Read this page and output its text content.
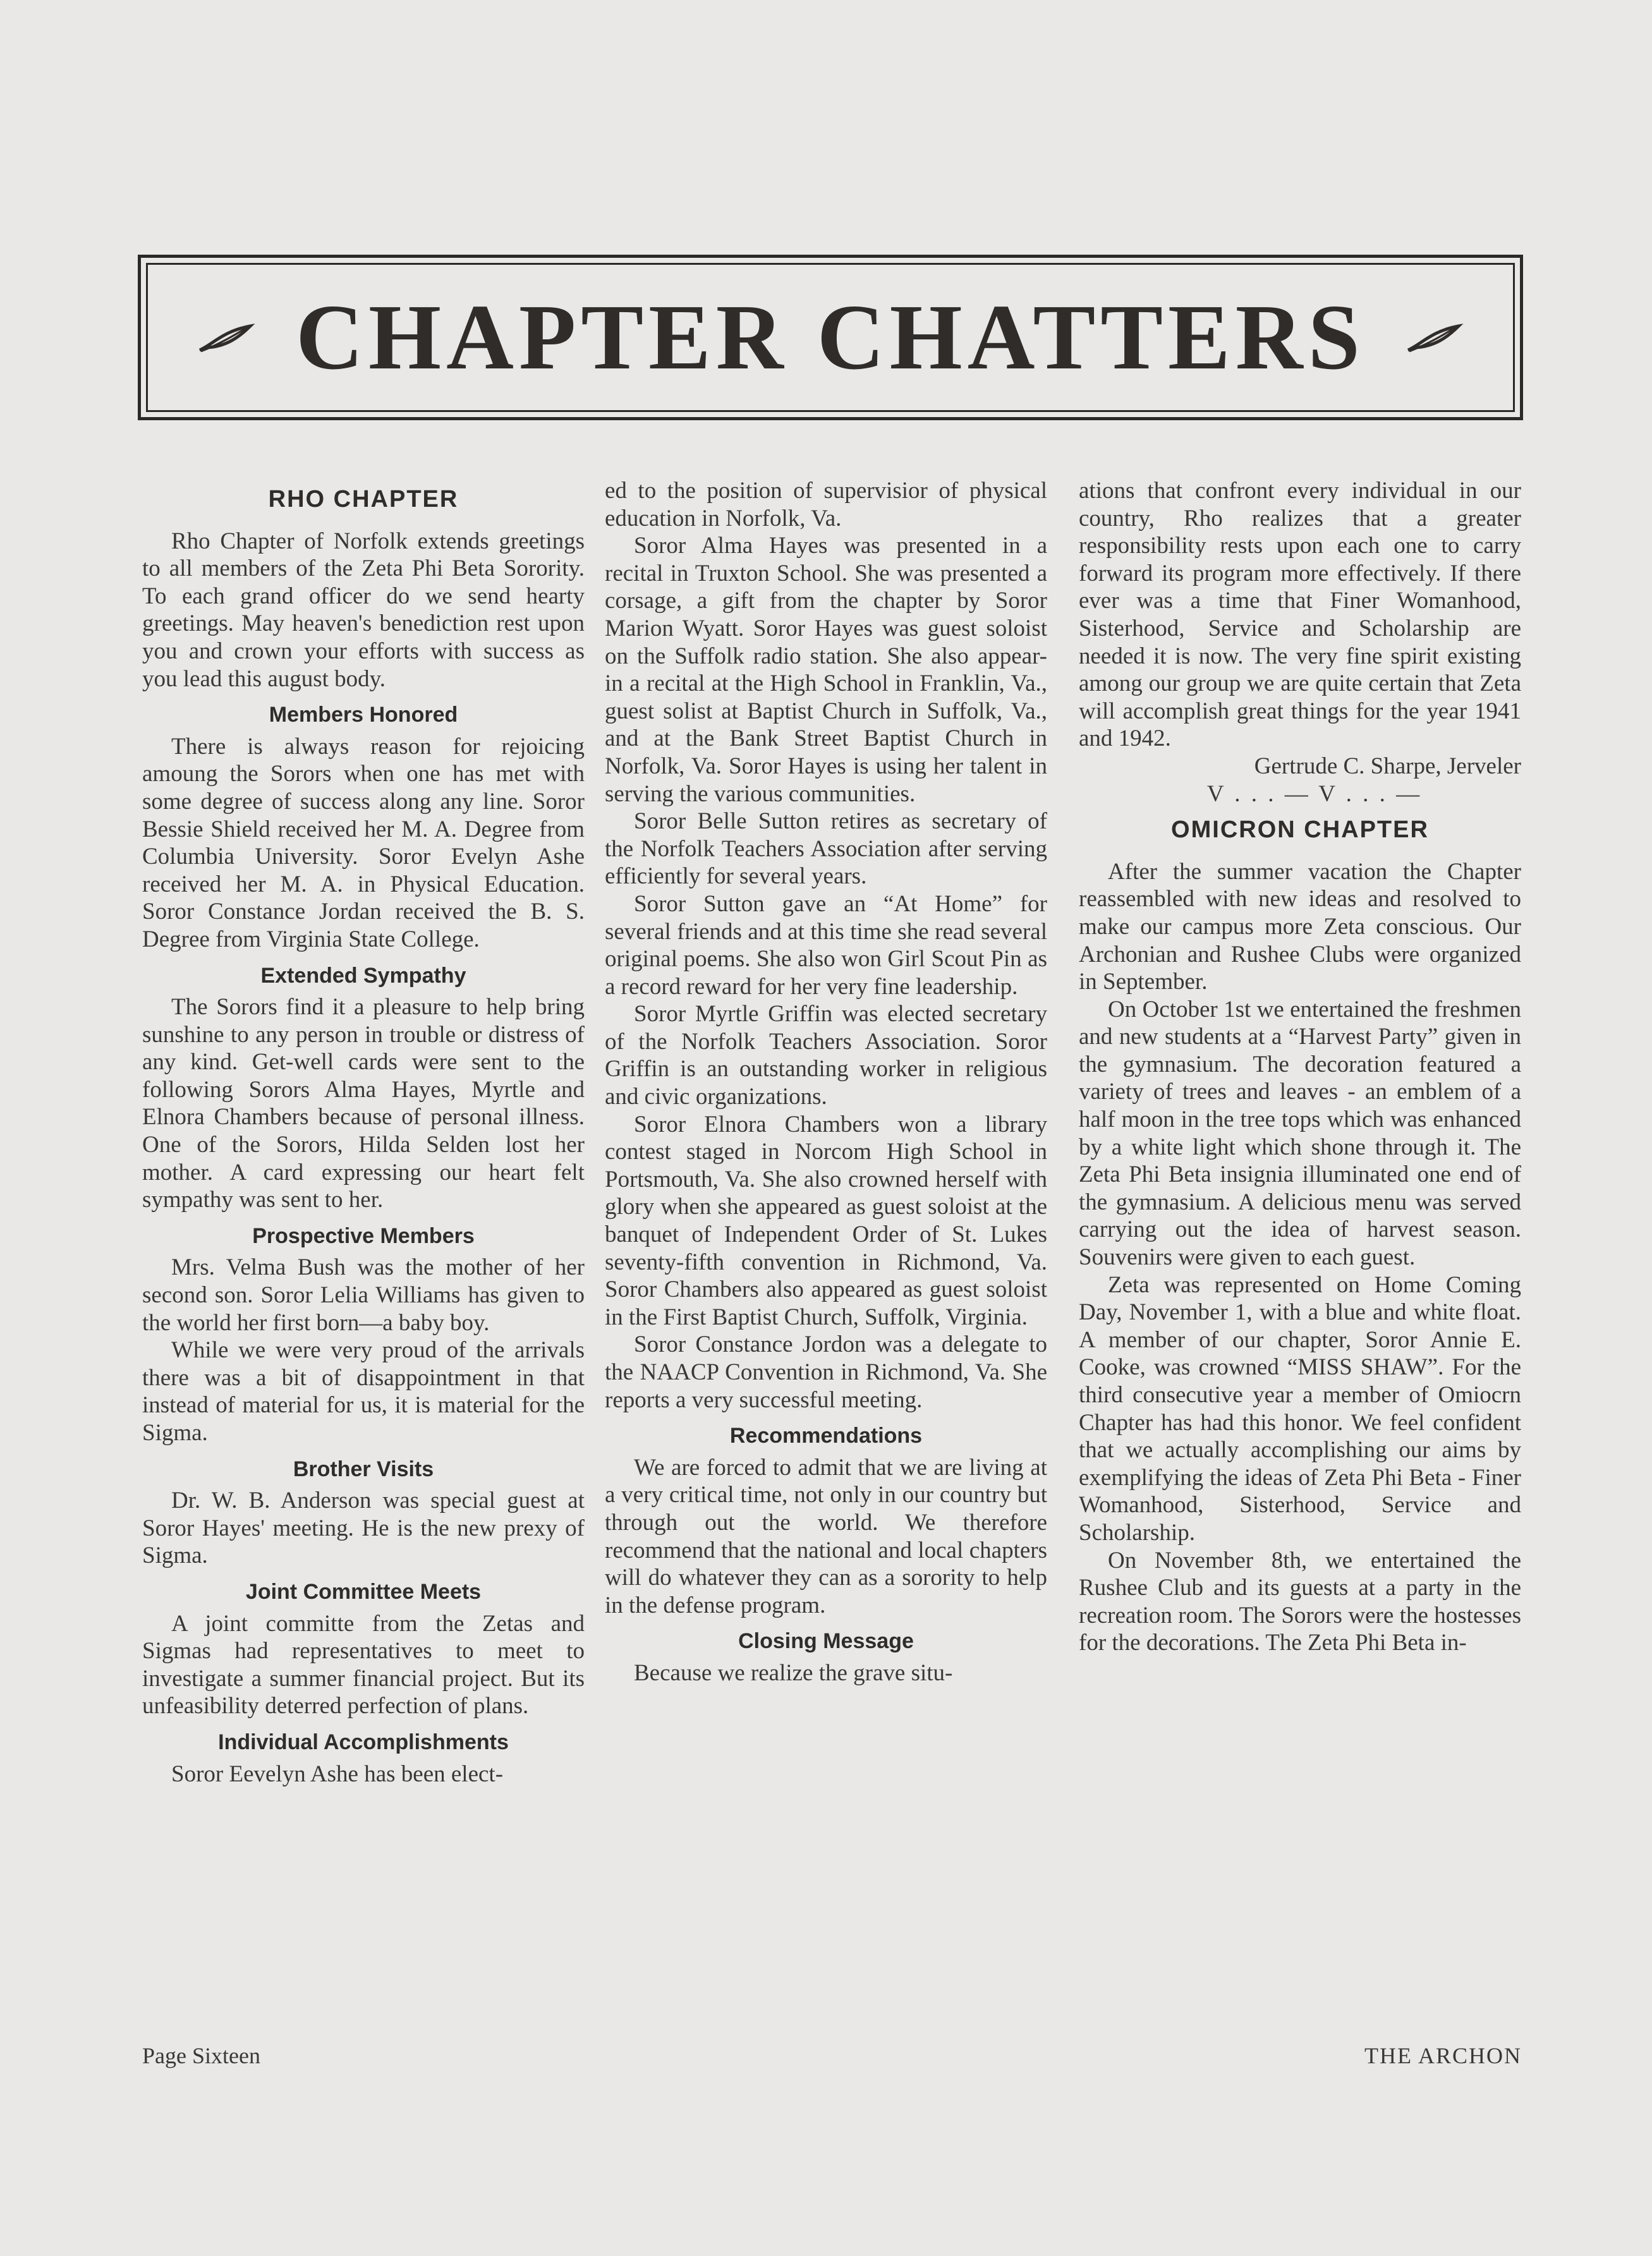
CHAPTER CHATTERS
RHO CHAPTER

Rho Chapter of Norfolk extends greetings to all members of the Zeta Phi Beta Sorority. To each grand officer do we send hearty greetings. May heaven's benediction rest upon you and crown your efforts with success as you lead this august body.

Members Honored

There is always reason for rejoicing amoung the Sorors when one has met with some degree of success along any line. Soror Bessie Shield received her M. A. Degree from Columbia University. Soror Evelyn Ashe received her M. A. in Physical Education. Soror Constance Jordan received the B. S. Degree from Virginia State College.

Extended Sympathy

The Sorors find it a pleasure to help bring sunshine to any person in trouble or distress of any kind. Get-well cards were sent to the following Sorors Alma Hayes, Myrtle and Elnora Chambers because of personal illness. One of the Sorors, Hilda Selden lost her mother. A card expressing our heart felt sympathy was sent to her.

Prospective Members

Mrs. Velma Bush was the mother of her second son. Soror Lelia Williams has given to the world her first born—a baby boy.

While we were very proud of the arrivals there was a bit of disappointment in that instead of material for us, it is material for the Sigma.

Brother Visits

Dr. W. B. Anderson was special guest at Soror Hayes' meeting. He is the new prexy of Sigma.

Joint Committee Meets

A joint committe from the Zetas and Sigmas had representatives to meet to investigate a summer financial project. But its unfeasibility deterred perfection of plans.

Individual Accomplishments

Soror Eevelyn Ashe has been elect-

ed to the position of supervisior of physical education in Norfolk, Va.

Soror Alma Hayes was presented in a recital in Truxton School. She was presented a corsage, a gift from the chapter by Soror Marion Wyatt. Soror Hayes was guest soloist on the Suffolk radio station. She also appear- in a recital at the High School in Franklin, Va., guest solist at Baptist Church in Suffolk, Va., and at the Bank Street Baptist Church in Norfolk, Va. Soror Hayes is using her talent in serving the various communities.

Soror Belle Sutton retires as secretary of the Norfolk Teachers Association after serving efficiently for several years.

Soror Sutton gave an “At Home” for several friends and at this time she read several original poems. She also won Girl Scout Pin as a record reward for her very fine leadership.

Soror Myrtle Griffin was elected secretary of the Norfolk Teachers Association. Soror Griffin is an outstanding worker in religious and civic organizations.

Soror Elnora Chambers won a library contest staged in Norcom High School in Portsmouth, Va. She also crowned herself with glory when she appeared as guest soloist at the banquet of Independent Order of St. Lukes seventy-fifth convention in Richmond, Va. Soror Chambers also appeared as guest soloist in the First Baptist Church, Suffolk, Virginia.

Soror Constance Jordon was a delegate to the NAACP Convention in Richmond, Va. She reports a very successful meeting.

Recommendations

We are forced to admit that we are living at a very critical time, not only in our country but through out the world. We therefore recommend that the national and local chapters will do whatever they can as a sorority to help in the defense program.

Closing Message

Because we realize the grave situ-

ations that confront every individual in our country, Rho realizes that a greater responsibility rests upon each one to carry forward its program more effectively. If there ever was a time that Finer Womanhood, Sisterhood, Service and Scholarship are needed it is now. The very fine spirit existing among our group we are quite certain that Zeta will accomplish great things for the year 1941 and 1942.

Gertrude C. Sharpe, Jerveler

V . . . — V . . . —

OMICRON CHAPTER

After the summer vacation the Chapter reassembled with new ideas and resolved to make our campus more Zeta conscious. Our Archonian and Rushee Clubs were organized in September.

On October 1st we entertained the freshmen and new students at a “Harvest Party” given in the gymnasium. The decoration featured a variety of trees and leaves - an emblem of a half moon in the tree tops which was enhanced by a white light which shone through it. The Zeta Phi Beta insignia illuminated one end of the gymnasium. A delicious menu was served carrying out the idea of harvest season. Souvenirs were given to each guest.

Zeta was represented on Home Coming Day, November 1, with a blue and white float. A member of our chapter, Soror Annie E. Cooke, was crowned “MISS SHAW”. For the third consecutive year a member of Omiocrn Chapter has had this honor. We feel confident that we actually accomplishing our aims by exemplifying the ideas of Zeta Phi Beta - Finer Womanhood, Sisterhood, Service and Scholarship.

On November 8th, we entertained the Rushee Club and its guests at a party in the recreation room. The Sorors were the hostesses for the decorations. The Zeta Phi Beta in-

Page Sixteen	THE ARCHON
